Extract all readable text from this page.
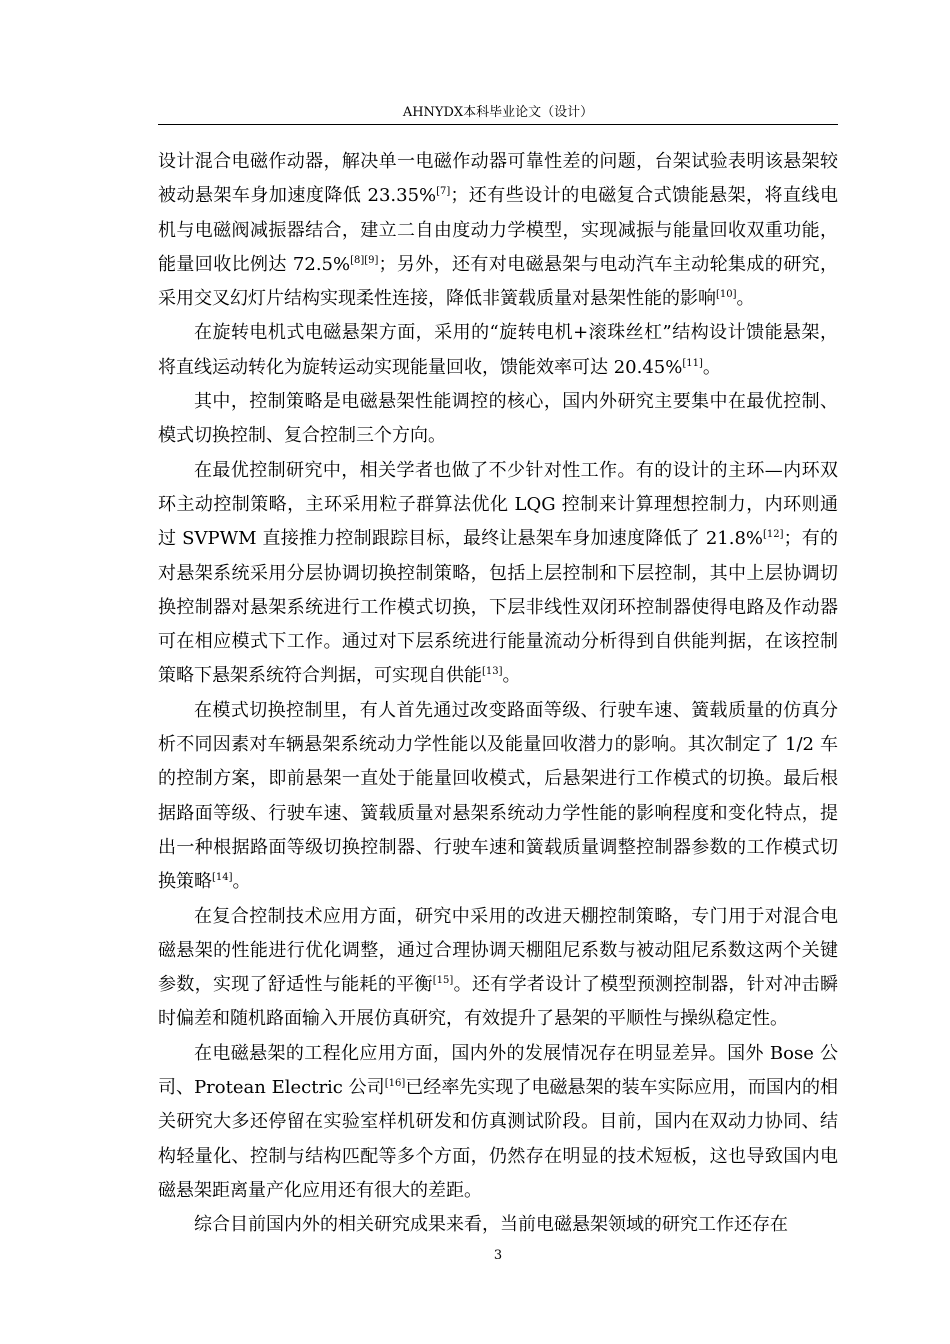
AHNYDX本科毕业论文（设计）

设计混合电磁作动器，解决单一电磁作动器可靠性差的问题，台架试验表明该悬架较被动悬架车身加速度降低 23.35%[7]；还有些设计的电磁复合式馈能悬架，将直线电机与电磁阀减振器结合，建立二自由度动力学模型，实现减振与能量回收双重功能，能量回收比例达 72.5%[8][9]；另外，还有对电磁悬架与电动汽车主动轮集成的研究，采用交叉幻灯片结构实现柔性连接，降低非簧载质量对悬架性能的影响[10]。

在旋转电机式电磁悬架方面，采用的“旋转电机+滚珠丝杠”结构设计馈能悬架，将直线运动转化为旋转运动实现能量回收，馈能效率可达 20.45%[11]。

其中，控制策略是电磁悬架性能调控的核心，国内外研究主要集中在最优控制、模式切换控制、复合控制三个方向。

在最优控制研究中，相关学者也做了不少针对性工作。有的设计的主环—内环双环主动控制策略，主环采用粒子群算法优化 LQG 控制来计算理想控制力，内环则通过 SVPWM 直接推力控制跟踪目标，最终让悬架车身加速度降低了 21.8%[12]；有的对悬架系统采用分层协调切换控制策略，包括上层控制和下层控制，其中上层协调切换控制器对悬架系统进行工作模式切换，下层非线性双闭环控制器使得电路及作动器可在相应模式下工作。通过对下层系统进行能量流动分析得到自供能判据，在该控制策略下悬架系统符合判据，可实现自供能[13]。

在模式切换控制里，有人首先通过改变路面等级、行驶车速、簧载质量的仿真分析不同因素对车辆悬架系统动力学性能以及能量回收潜力的影响。其次制定了 1/2 车的控制方案，即前悬架一直处于能量回收模式，后悬架进行工作模式的切换。最后根据路面等级、行驶车速、簧载质量对悬架系统动力学性能的影响程度和变化特点，提出一种根据路面等级切换控制器、行驶车速和簧载质量调整控制器参数的工作模式切换策略[14]。

在复合控制技术应用方面，研究中采用的改进天棚控制策略，专门用于对混合电磁悬架的性能进行优化调整，通过合理协调天棚阻尼系数与被动阻尼系数这两个关键参数，实现了舒适性与能耗的平衡[15]。还有学者设计了模型预测控制器，针对冲击瞬时偏差和随机路面输入开展仿真研究，有效提升了悬架的平顺性与操纵稳定性。

在电磁悬架的工程化应用方面，国内外的发展情况存在明显差异。国外 Bose 公司、Protean Electric 公司[16]已经率先实现了电磁悬架的装车实际应用，而国内的相关研究大多还停留在实验室样机研发和仿真测试阶段。目前，国内在双动力协同、结构轻量化、控制与结构匹配等多个方面，仍然存在明显的技术短板，这也导致国内电磁悬架距离量产化应用还有很大的差距。

综合目前国内外的相关研究成果来看，当前电磁悬架领域的研究工作还存在

3
